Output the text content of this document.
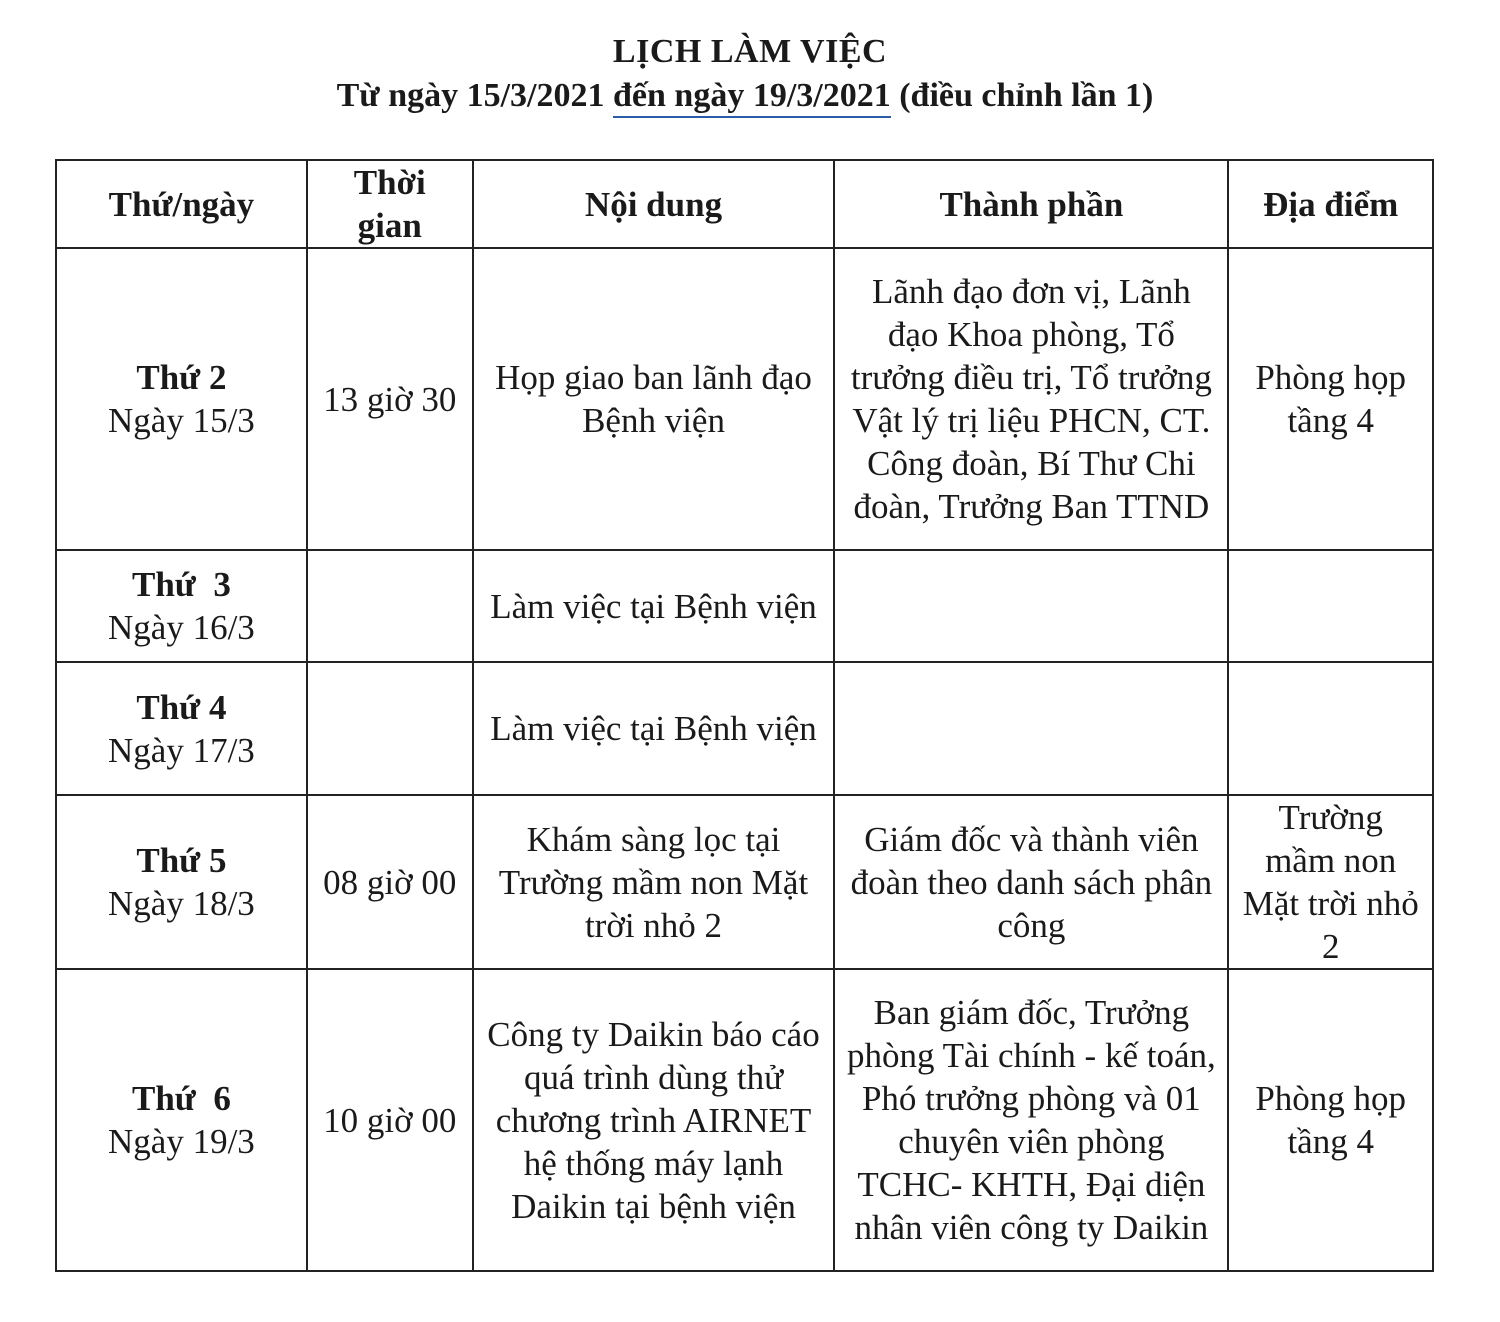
LỊCH LÀM VIỆC
Từ ngày 15/3/2021 đến ngày 19/3/2021 (điều chỉnh lần 1)
Thứ/ngày	Thời gian	Nội dung	Thành phần	Địa điểm

Thứ 2
Ngày 15/3	13 giờ 30	Họp giao ban lãnh đạo Bệnh viện	Lãnh đạo đơn vị, Lãnh đạo Khoa phòng, Tổ trưởng điều trị, Tổ trưởng Vật lý trị liệu PHCN, CT. Công đoàn, Bí Thư Chi đoàn, Trưởng Ban TTND	Phòng họp tầng 4

Thứ  3
Ngày 16/3		Làm việc tại Bệnh viện		

Thứ 4
Ngày 17/3		Làm việc tại Bệnh viện		

Thứ 5
Ngày 18/3	08 giờ 00	Khám sàng lọc tại Trường mầm non Mặt trời nhỏ 2	Giám đốc và thành viên đoàn theo danh sách phân công	Trường mầm non Mặt trời nhỏ 2

Thứ  6
Ngày 19/3	10 giờ 00	Công ty Daikin báo cáo quá trình dùng thử chương trình AIRNET hệ thống máy lạnh Daikin tại bệnh viện	Ban giám đốc, Trưởng phòng Tài chính - kế toán, Phó trưởng phòng và 01 chuyên viên phòng TCHC- KHTH, Đại diện nhân viên công ty Daikin	Phòng họp tầng 4
